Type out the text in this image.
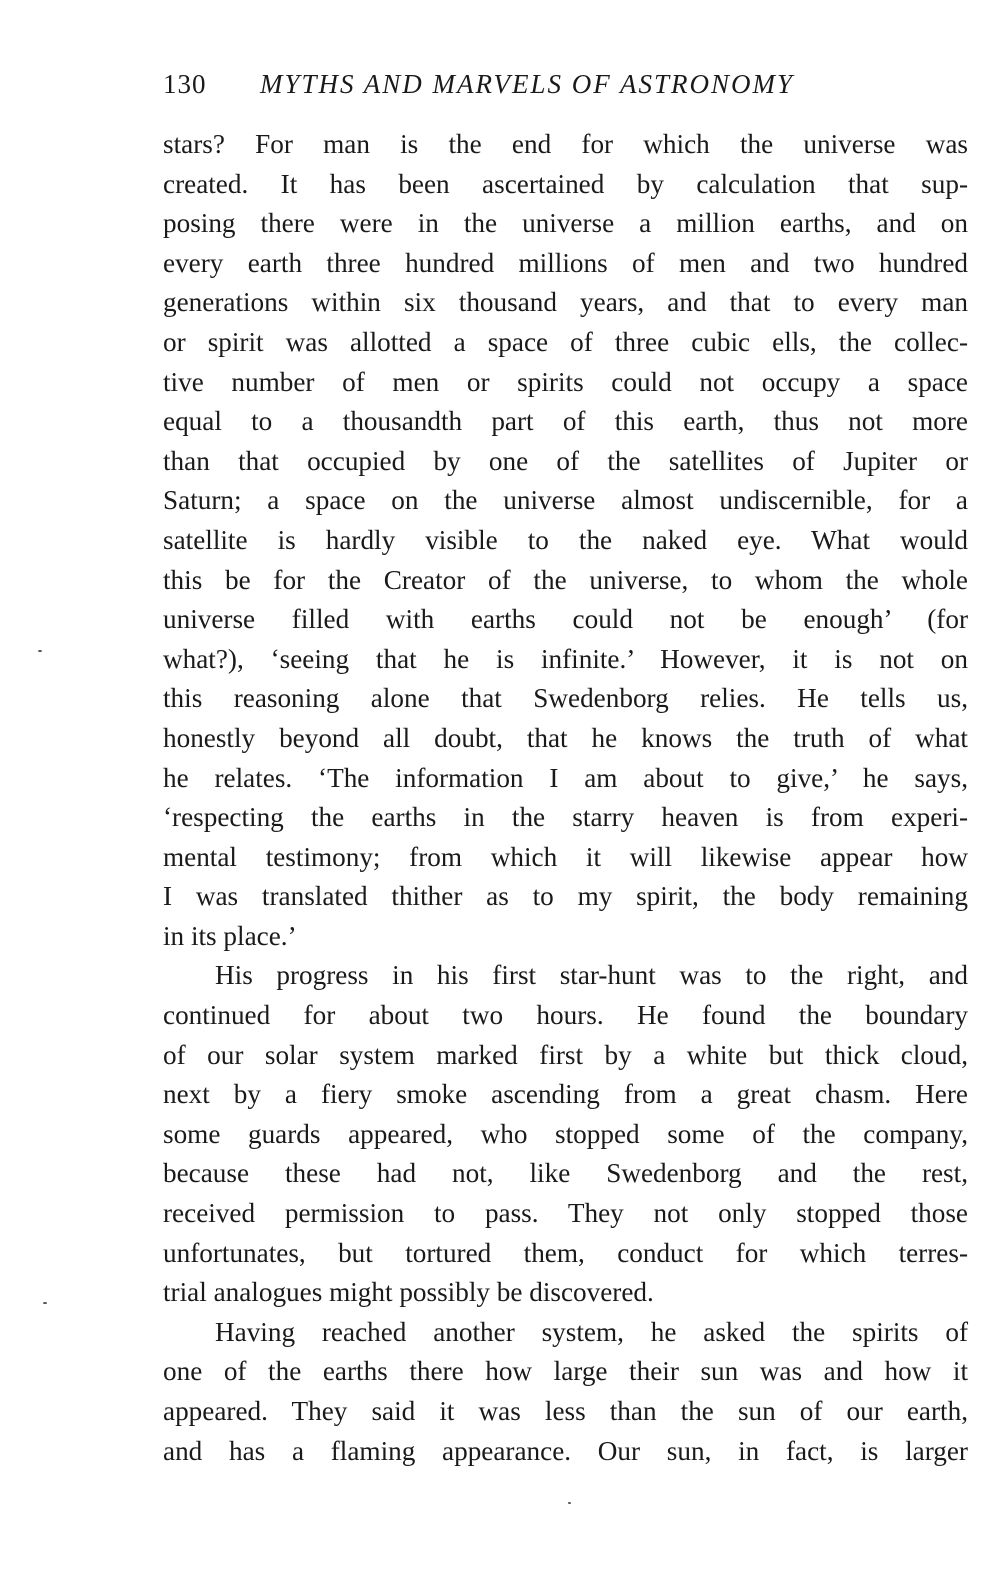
130 MYTHS AND MARVELS OF ASTRONOMY
stars? For man is the end for which the universe was
created. It has been ascertained by calculation that sup-
posing there were in the universe a million earths, and on
every earth three hundred millions of men and two hundred
generations within six thousand years, and that to every man
or spirit was allotted a space of three cubic ells, the collec-
tive number of men or spirits could not occupy a space
equal to a thousandth part of this earth, thus not more
than that occupied by one of the satellites of Jupiter or
Saturn; a space on the universe almost undiscernible, for a
satellite is hardly visible to the naked eye. What would
this be for the Creator of the universe, to whom the whole
universe filled with earths could not be enough’ (for
what?), ‘seeing that he is infinite.’ However, it is not on
this reasoning alone that Swedenborg relies. He tells us,
honestly beyond all doubt, that he knows the truth of what
he relates. ‘The information I am about to give,’ he says,
‘respecting the earths in the starry heaven is from experi-
mental testimony; from which it will likewise appear how
I was translated thither as to my spirit, the body remaining
in its place.’
His progress in his first star-hunt was to the right, and
continued for about two hours. He found the boundary
of our solar system marked first by a white but thick cloud,
next by a fiery smoke ascending from a great chasm. Here
some guards appeared, who stopped some of the company,
because these had not, like Swedenborg and the rest,
received permission to pass. They not only stopped those
unfortunates, but tortured them, conduct for which terres-
trial analogues might possibly be discovered.
Having reached another system, he asked the spirits of
one of the earths there how large their sun was and how it
appeared. They said it was less than the sun of our earth,
and has a flaming appearance. Our sun, in fact, is larger
